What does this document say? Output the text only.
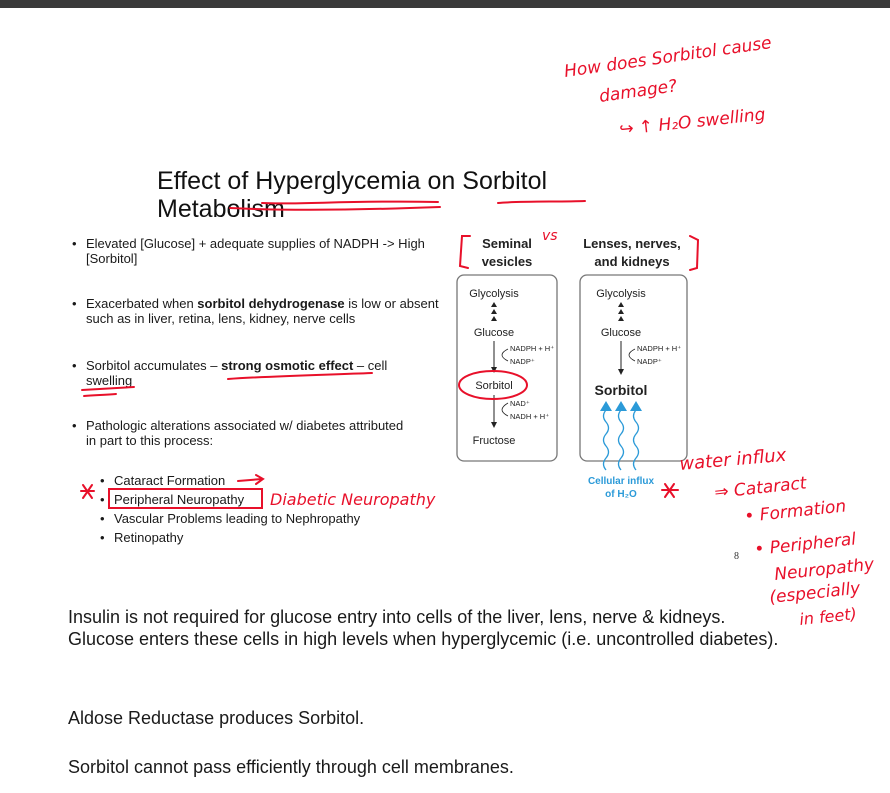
Effect of Hyperglycemia on Sorbitol
Metabolism
• Elevated [Glucose] + adequate supplies of NADPH -> High [Sorbitol]
• Exacerbated when sorbitol dehydrogenase is low or absent such as in liver, retina, lens, kidney, nerve cells
• Sorbitol accumulates – strong osmotic effect – cell swelling
• Pathologic alterations associated w/ diabetes attributed in part to this process:
• Cataract Formation
• Peripheral Neuropathy
• Vascular Problems leading to Nephropathy
• Retinopathy
Seminal
vesicles
Lenses, nerves,
and kidneys
Glycolysis
Glucose
NADPH + H⁺
NADP⁺
Sorbitol
NAD⁺
NADH + H⁺
Fructose
Glycolysis
Glucose
NADPH + H⁺
NADP⁺
Sorbitol
Cellular influx
of H₂O
How does Sorbitol cause
damage?
↪ ↑ H₂O swelling
vs
Diabetic Neuropathy
water influx
⇒ Cataract
• Formation
• Peripheral
Neuropathy
(especially
in feet)
8
Insulin is not required for glucose entry into cells of the liver, lens, nerve & kidneys. Glucose enters these cells in high levels when hyperglycemic (i.e. uncontrolled diabetes).
Aldose Reductase produces Sorbitol.
Sorbitol cannot pass efficiently through cell membranes.
